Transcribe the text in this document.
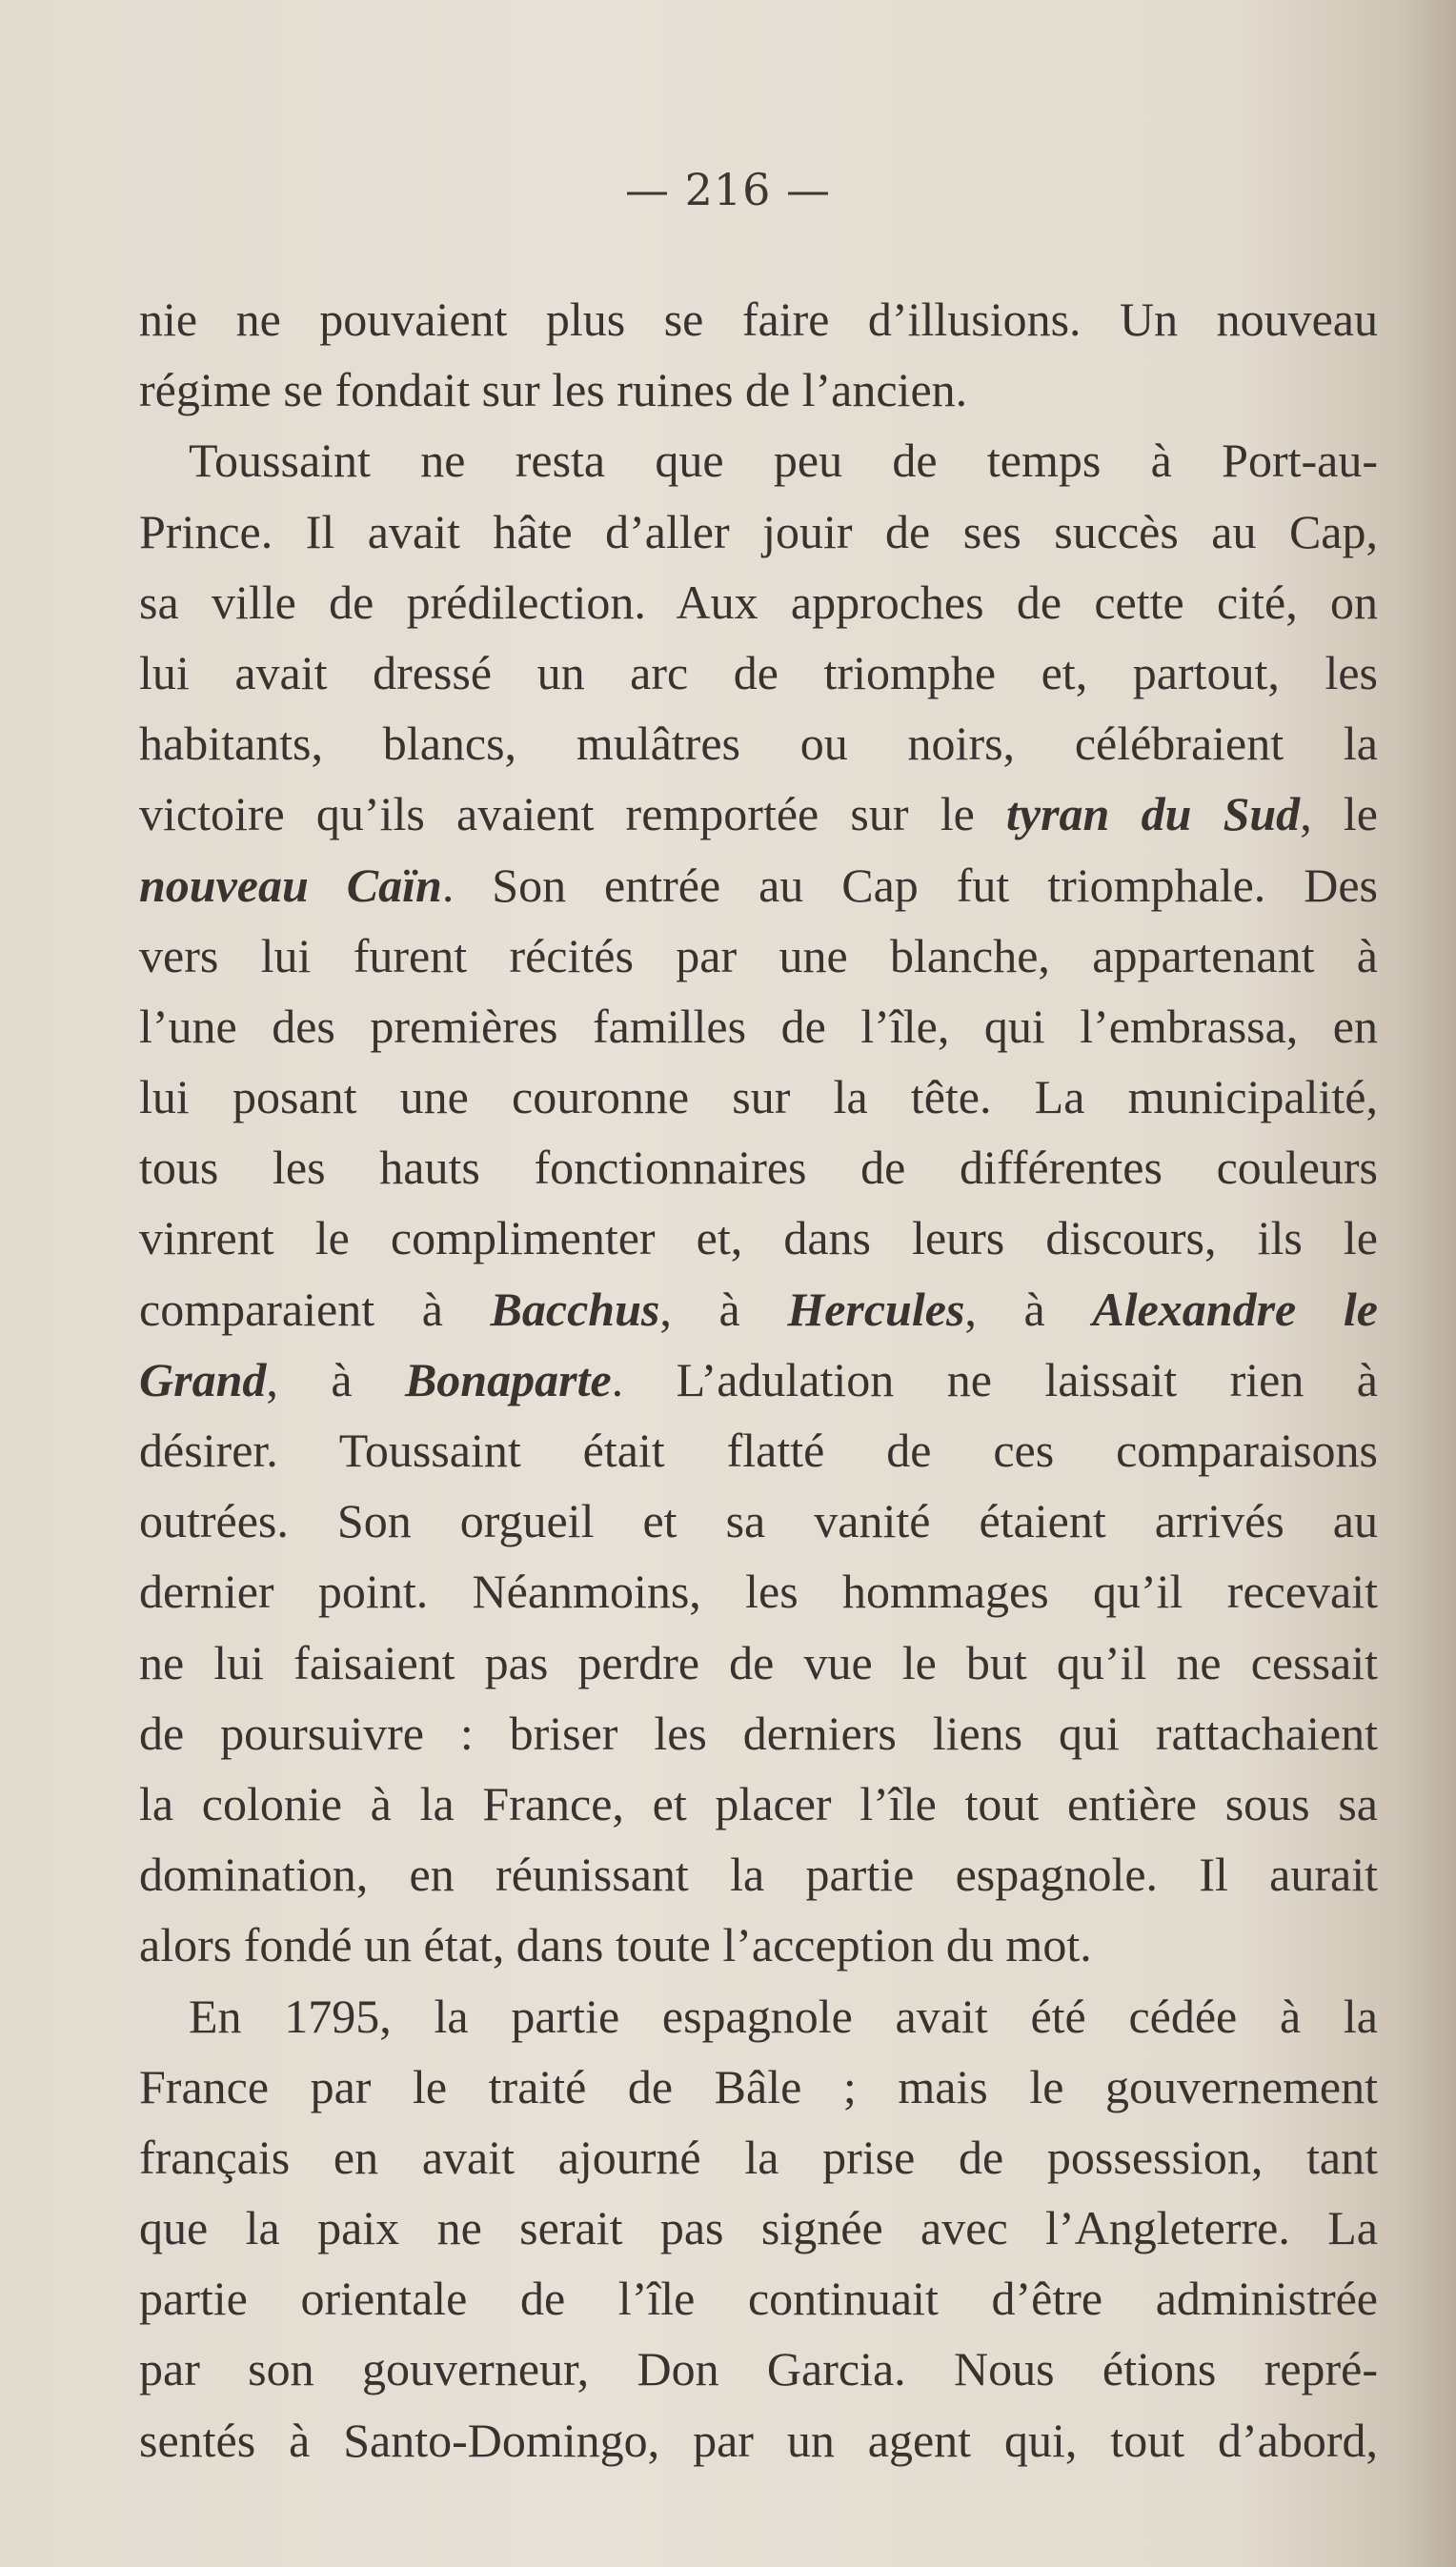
— 216 —
nie ne pouvaient plus se faire d’illusions. Un nouveau
régime se fondait sur les ruines de l’ancien.
Toussaint ne resta que peu de temps à Port-au-
Prince. Il avait hâte d’aller jouir de ses succès au Cap,
sa ville de prédilection. Aux approches de cette cité, on
lui avait dressé un arc de triomphe et, partout, les
habitants, blancs, mulâtres ou noirs, célébraient la
victoire qu’ils avaient remportée sur le tyran du Sud, le
nouveau Caïn. Son entrée au Cap fut triomphale. Des
vers lui furent récités par une blanche, appartenant à
l’une des premières familles de l’île, qui l’embrassa, en
lui posant une couronne sur la tête. La municipalité,
tous les hauts fonctionnaires de différentes couleurs
vinrent le complimenter et, dans leurs discours, ils le
comparaient à Bacchus, à Hercules, à Alexandre le
Grand, à Bonaparte. L’adulation ne laissait rien à
désirer. Toussaint était flatté de ces comparaisons
outrées. Son orgueil et sa vanité étaient arrivés au
dernier point. Néanmoins, les hommages qu’il recevait
ne lui faisaient pas perdre de vue le but qu’il ne cessait
de poursuivre : briser les derniers liens qui rattachaient
la colonie à la France, et placer l’île tout entière sous sa
domination, en réunissant la partie espagnole. Il aurait
alors fondé un état, dans toute l’acception du mot.
En 1795, la partie espagnole avait été cédée à la
France par le traité de Bâle ; mais le gouvernement
français en avait ajourné la prise de possession, tant
que la paix ne serait pas signée avec l’Angleterre. La
partie orientale de l’île continuait d’être administrée
par son gouverneur, Don Garcia. Nous étions repré-
sentés à Santo-Domingo, par un agent qui, tout d’abord,
